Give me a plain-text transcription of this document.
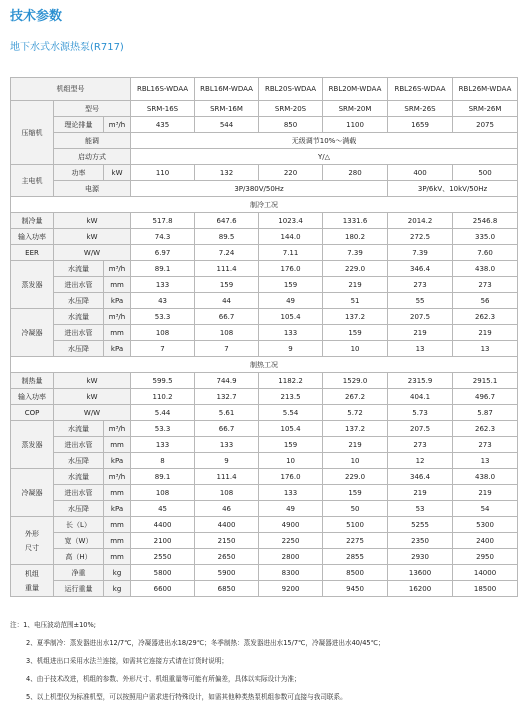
技术参数
地下水式水源热泵(R717)
机组型号			RBL16S-WDAA	RBL16M-WDAA	RBL20S-WDAA	RBL20M-WDAA	RBL26S-WDAA	RBL26M-WDAA
压缩机	型号		SRM-16S	SRM-16M	SRM-20S	SRM-20M	SRM-26S	SRM-26M
	理论排量	m³/h	435	544	850	1100	1659	2075
	能调		无级调节10%～满载					
	启动方式		Y/△					
主电机	功率	kW	110	132	220	280	400	500
	电源		3P/380V/50Hz				3P/6kV、10kV/50Hz	
制冷工况								
制冷量	kW		517.8	647.6	1023.4	1331.6	2014.2	2546.8
输入功率	kW		74.3	89.5	144.0	180.2	272.5	335.0
EER	W/W		6.97	7.24	7.11	7.39	7.39	7.60
蒸发器	水流量	m³/h	89.1	111.4	176.0	229.0	346.4	438.0
	进出水管	mm	133	159	159	219	273	273
	水压降	kPa	43	44	49	51	55	56
冷凝器	水流量	m³/h	53.3	66.7	105.4	137.2	207.5	262.3
	进出水管	mm	108	108	133	159	219	219
	水压降	kPa	7	7	9	10	13	13
制热工况								
制热量	kW		599.5	744.9	1182.2	1529.0	2315.9	2915.1
输入功率	kW		110.2	132.7	213.5	267.2	404.1	496.7
COP	W/W		5.44	5.61	5.54	5.72	5.73	5.87
蒸发器	水流量	m³/h	53.3	66.7	105.4	137.2	207.5	262.3
	进出水管	mm	133	133	159	219	273	273
	水压降	kPa	8	9	10	10	12	13
冷凝器	水流量	m³/h	89.1	111.4	176.0	229.0	346.4	438.0
	进出水管	mm	108	108	133	159	219	219
	水压降	kPa	45	46	49	50	53	54

外形
尺寸	长（L）	mm	4400	4400	4900	5100	5255	5300
	宽（W）	mm	2100	2150	2250	2275	2350	2400
	高（H）	mm	2550	2650	2800	2855	2930	2950

机组
重量	净重	kg	5800	5900	8300	8500	13600	14000
	运行重量	kg	6600	6850	9200	9450	16200	18500
注：1、电压波动范围±10%;
2、夏季制冷：蒸发器进出水12/7℃，冷凝器进出水18/29℃；冬季制热：蒸发器进出水15/7℃，冷凝器进出水40/45℃；
3、机组进出口采用水法兰连接，如需其它连接方式请在订货时说明；
4、由于技术改进，机组的参数、外形尺寸、机组重量等可能有所偏差，具体以实际设计为准；
5、以上机型仅为标准机型，可以按照用户需求进行特殊设计，如需其他种类热泵机组参数可直接与我司联系。
